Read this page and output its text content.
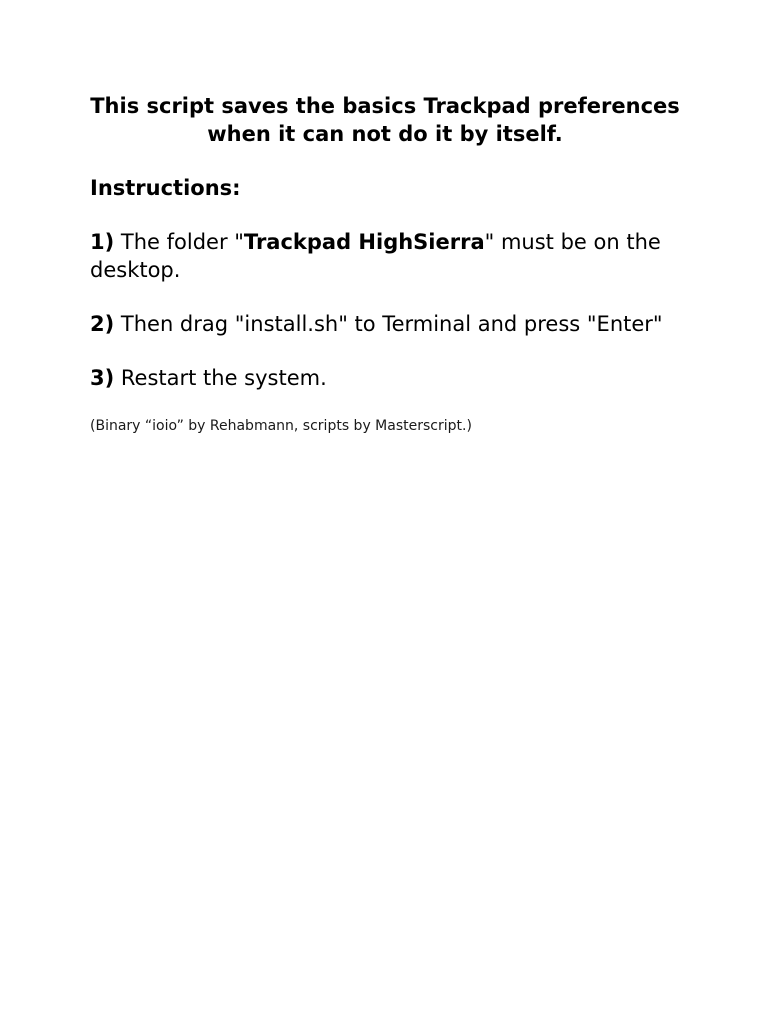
This script saves the basics Trackpad preferences when it can not do it by itself.

Instructions:

1) The folder "Trackpad HighSierra" must be on the desktop.

2) Then drag "install.sh" to Terminal and press "Enter"

3) Restart the system.

(Binary “ioio” by Rehabmann, scripts by Masterscript.)
